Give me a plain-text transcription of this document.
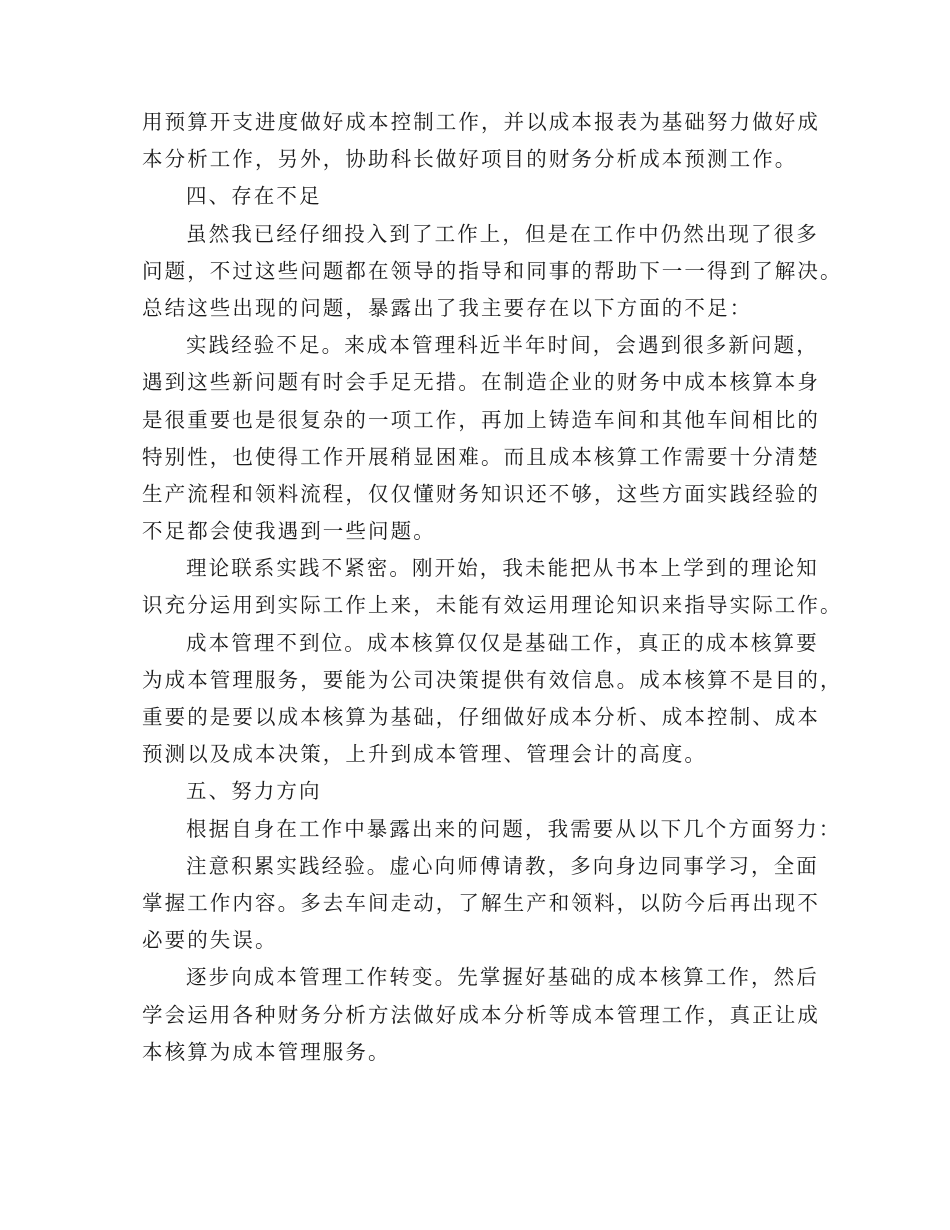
用预算开支进度做好成本控制工作，并以成本报表为基础努力做好成
本分析工作，另外，协助科长做好项目的财务分析成本预测工作。
四、存在不足
虽然我已经仔细投入到了工作上，但是在工作中仍然出现了很多
问题，不过这些问题都在领导的指导和同事的帮助下一一得到了解决。
总结这些出现的问题，暴露出了我主要存在以下方面的不足：
实践经验不足。来成本管理科近半年时间，会遇到很多新问题，
遇到这些新问题有时会手足无措。在制造企业的财务中成本核算本身
是很重要也是很复杂的一项工作，再加上铸造车间和其他车间相比的
特别性，也使得工作开展稍显困难。而且成本核算工作需要十分清楚
生产流程和领料流程，仅仅懂财务知识还不够，这些方面实践经验的
不足都会使我遇到一些问题。
理论联系实践不紧密。刚开始，我未能把从书本上学到的理论知
识充分运用到实际工作上来，未能有效运用理论知识来指导实际工作。
成本管理不到位。成本核算仅仅是基础工作，真正的成本核算要
为成本管理服务，要能为公司决策提供有效信息。成本核算不是目的，
重要的是要以成本核算为基础，仔细做好成本分析、成本控制、成本
预测以及成本决策，上升到成本管理、管理会计的高度。
五、努力方向
根据自身在工作中暴露出来的问题，我需要从以下几个方面努力：
注意积累实践经验。虚心向师傅请教，多向身边同事学习，全面
掌握工作内容。多去车间走动，了解生产和领料，以防今后再出现不
必要的失误。
逐步向成本管理工作转变。先掌握好基础的成本核算工作，然后
学会运用各种财务分析方法做好成本分析等成本管理工作，真正让成
本核算为成本管理服务。
